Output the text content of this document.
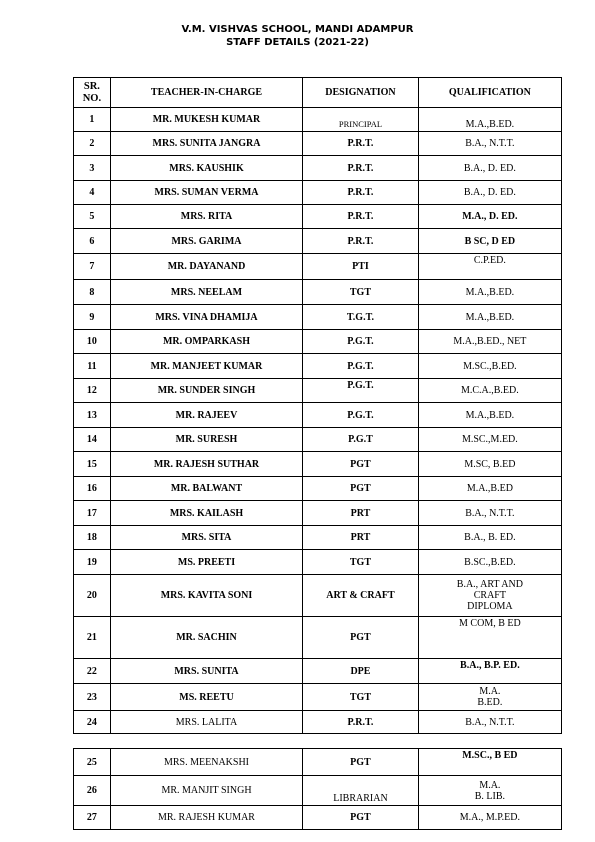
V.M. VISHVAS SCHOOL, MANDI ADAMPUR
STAFF DETAILS (2021-22)
SR. NO.	TEACHER-IN-CHARGE	DESIGNATION	QUALIFICATION
1	MR. MUKESH KUMAR	PRINCIPAL	M.A.,B.ED.
2	MRS. SUNITA JANGRA	P.R.T.	B.A., N.T.T.
3	MRS. KAUSHIK	P.R.T.	B.A., D. ED.
4	MRS. SUMAN VERMA	P.R.T.	B.A., D. ED.
5	MRS. RITA	P.R.T.	M.A., D. ED.
6	MRS. GARIMA	P.R.T.	B SC, D ED
7	MR. DAYANAND	PTI	C.P.ED.
8	MRS. NEELAM	TGT	M.A.,B.ED.
9	MRS. VINA DHAMIJA	T.G.T.	M.A.,B.ED.
10	MR. OMPARKASH	P.G.T.	M.A.,B.ED., NET
11	MR. MANJEET KUMAR	P.G.T.	M.SC.,B.ED.
12	MR. SUNDER SINGH	P.G.T.	M.C.A.,B.ED.
13	MR. RAJEEV	P.G.T.	M.A.,B.ED.
14	MR. SURESH	P.G.T	M.SC.,M.ED.
15	MR. RAJESH SUTHAR	PGT	M.SC, B.ED
16	MR. BALWANT	PGT	M.A.,B.ED
17	MRS. KAILASH	PRT	B.A., N.T.T.
18	MRS. SITA	PRT	B.A., B. ED.
19	MS. PREETI	TGT	B.SC.,B.ED.
20	MRS. KAVITA SONI	ART & CRAFT	B.A., ART AND
CRAFT
DIPLOMA

21	MR. SACHIN	PGT	M COM, B ED
22	MRS. SUNITA	DPE	B.A., B.P. ED.
23	MS. REETU	TGT	M.A.
B.ED.

24	MRS. LALITA	P.R.T.	B.A., N.T.T.
25	MRS. MEENAKSHI	PGT	M.SC., B ED
26	MR. MANJIT SINGH	LIBRARIAN	M.A.
B. LIB.

27	MR. RAJESH KUMAR	PGT	M.A., M.P.ED.
